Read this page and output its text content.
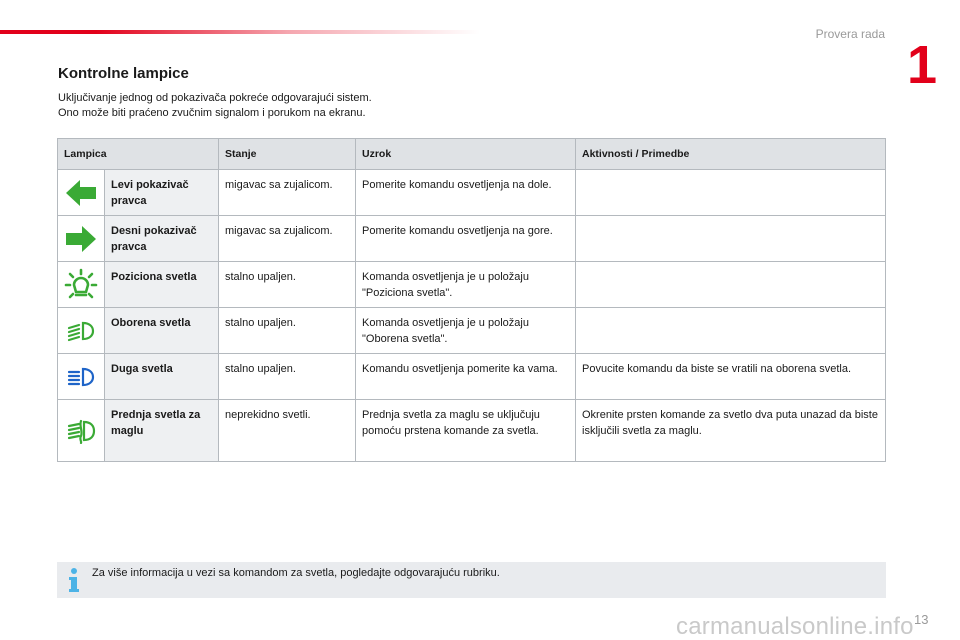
Provera rada
1
Kontrolne lampice
Uključivanje jednog od pokazivača pokreće odgovarajući sistem.
Ono može biti praćeno zvučnim signalom i porukom na ekranu.
Lampica		Stanje	Uzrok	Aktivnosti / Primedbe
	Levi pokazivač pravca	migavac sa zujalicom.	Pomerite komandu osvetljenja na dole.	
	Desni pokazivač pravca	migavac sa zujalicom.	Pomerite komandu osvetljenja na gore.	
	Poziciona svetla	stalno upaljen.	Komanda osvetljenja je u položaju "Poziciona svetla".	
	Oborena svetla	stalno upaljen.	Komanda osvetljenja je u položaju "Oborena svetla".	
	Duga svetla	stalno upaljen.	Komandu osvetljenja pomerite ka vama.	Povucite komandu da biste se vratili na oborena svetla.
	Prednja svetla za maglu	neprekidno svetli.	Prednja svetla za maglu se uključuju pomoću prstena komande za svetla.	Okrenite prsten komande za svetlo dva puta unazad da biste isključili svetla za maglu.
Za više informacija u vezi sa komandom za svetla, pogledajte odgovarajuću rubriku.
carmanualsonline.info 13
